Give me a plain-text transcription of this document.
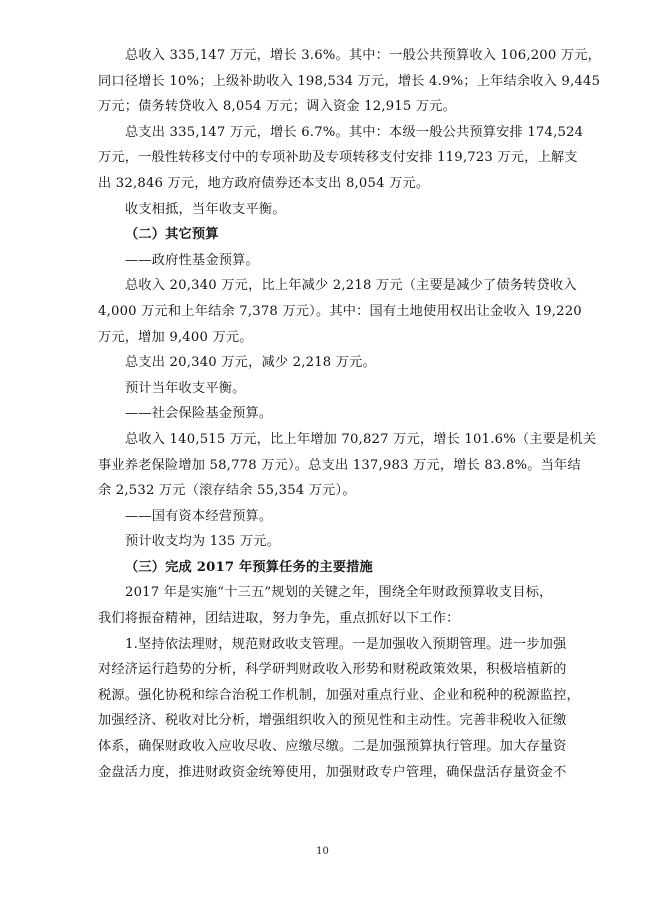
总收入 335,147 万元，增长 3.6%。其中：一般公共预算收入 106,200 万元，
同口径增长 10%；上级补助收入 198,534 万元，增长 4.9%；上年结余收入 9,445
万元；债务转贷收入 8,054 万元；调入资金 12,915 万元。
总支出 335,147 万元，增长 6.7%。其中：本级一般公共预算安排 174,524
万元，一般性转移支付中的专项补助及专项转移支付安排 119,723 万元，上解支
出 32,846 万元，地方政府债券还本支出 8,054 万元。
收支相抵，当年收支平衡。
（二）其它预算
——政府性基金预算。
总收入 20,340 万元，比上年减少 2,218 万元（主要是减少了债务转贷收入
4,000 万元和上年结余 7,378 万元）。其中：国有土地使用权出让金收入 19,220
万元，增加 9,400 万元。
总支出 20,340 万元，减少 2,218 万元。
预计当年收支平衡。
——社会保险基金预算。
总收入 140,515 万元，比上年增加 70,827 万元，增长 101.6%（主要是机关
事业养老保险增加 58,778 万元）。总支出 137,983 万元，增长 83.8%。当年结
余 2,532 万元（滚存结余 55,354 万元）。
——国有资本经营预算。
预计收支均为 135 万元。
（三）完成 2017 年预算任务的主要措施
2017 年是实施“十三五”规划的关键之年，围绕全年财政预算收支目标，
我们将振奋精神，团结进取，努力争先，重点抓好以下工作：
1.坚持依法理财，规范财政收支管理。一是加强收入预期管理。进一步加强
对经济运行趋势的分析，科学研判财政收入形势和财税政策效果，积极培植新的
税源。强化协税和综合治税工作机制，加强对重点行业、企业和税种的税源监控，
加强经济、税收对比分析，增强组织收入的预见性和主动性。完善非税收入征缴
体系，确保财政收入应收尽收、应缴尽缴。二是加强预算执行管理。加大存量资
金盘活力度，推进财政资金统筹使用，加强财政专户管理，确保盘活存量资金不
10
